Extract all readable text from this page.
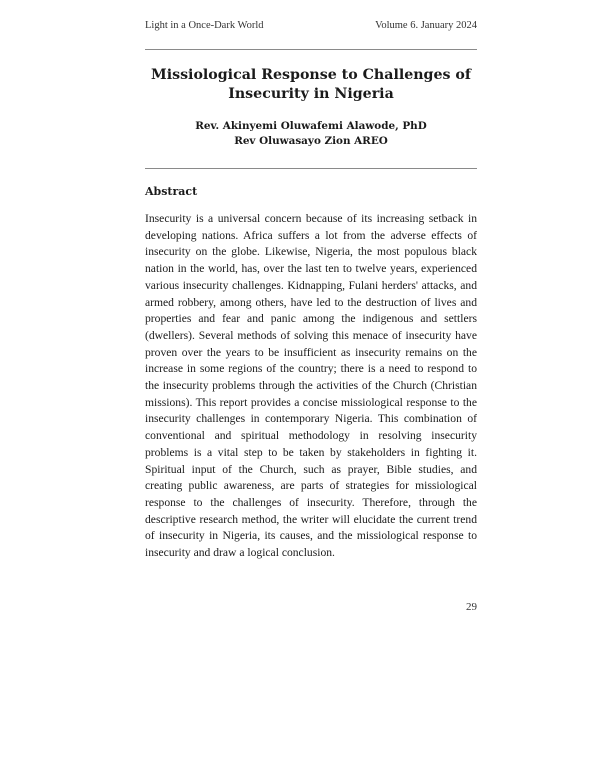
Light in a Once-Dark World	Volume 6. January 2024
Missiological Response to Challenges of Insecurity in Nigeria
Rev. Akinyemi Oluwafemi Alawode, PhD
Rev Oluwasayo Zion AREO
Abstract

Insecurity is a universal concern because of its increasing setback in developing nations. Africa suffers a lot from the adverse effects of insecurity on the globe. Likewise, Nigeria, the most populous black nation in the world, has, over the last ten to twelve years, experienced various insecurity challenges. Kidnapping, Fulani herders' attacks, and armed robbery, among others, have led to the destruction of lives and properties and fear and panic among the indigenous and settlers (dwellers). Several methods of solving this menace of insecurity have proven over the years to be insufficient as insecurity remains on the increase in some regions of the country; there is a need to respond to the insecurity problems through the activities of the Church (Christian missions). This report provides a concise missiological response to the insecurity challenges in contemporary Nigeria. This combination of conventional and spiritual methodology in resolving insecurity problems is a vital step to be taken by stakeholders in fighting it. Spiritual input of the Church, such as prayer, Bible studies, and creating public awareness, are parts of strategies for missiological response to the challenges of insecurity. Therefore, through the descriptive research method, the writer will elucidate the current trend of insecurity in Nigeria, its causes, and the missiological response to insecurity and draw a logical conclusion.

29
